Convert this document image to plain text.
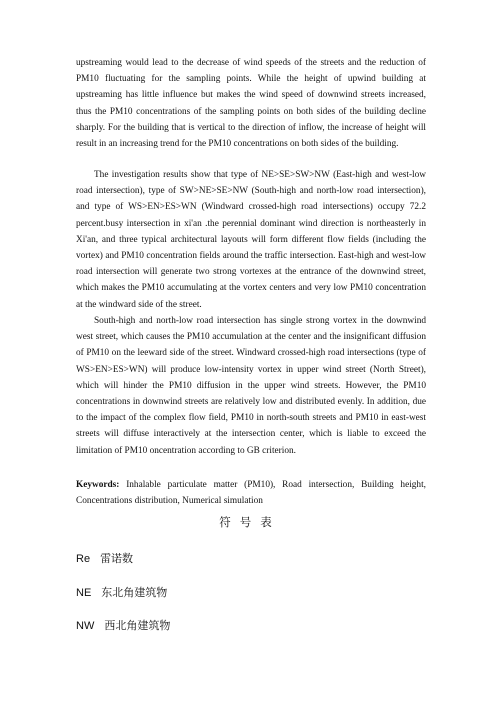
upstreaming would lead to the decrease of wind speeds of the streets and the reduction of PM10 fluctuating for the sampling points. While the height of upwind building at upstreaming has little influence but makes the wind speed of downwind streets increased, thus the PM10 concentrations of the sampling points on both sides of the building decline sharply. For the building that is vertical to the direction of inflow, the increase of height will result in an increasing trend for the PM10 concentrations on both sides of the building.

The investigation results show that type of NE>SE>SW>NW (East-high and west-low road intersection), type of SW>NE>SE>NW (South-high and north-low road intersection), and type of WS>EN>ES>WN (Windward crossed-high road intersections) occupy 72.2 percent.busy intersection in xi'an .the perennial dominant wind direction is northeasterly in Xi'an, and three typical architectural layouts will form different flow fields (including the vortex) and PM10 concentration fields around the traffic intersection. East-high and west-low road intersection will generate two strong vortexes at the entrance of the downwind street, which makes the PM10 accumulating at the vortex centers and very low PM10 concentration at the windward side of the street.

South-high and north-low road intersection has single strong vortex in the downwind west street, which causes the PM10 accumulation at the center and the insignificant diffusion of PM10 on the leeward side of the street. Windward crossed-high road intersections (type of WS>EN>ES>WN) will produce low-intensity vortex in upper wind street (North Street), which will hinder the PM10 diffusion in the upper wind streets. However, the PM10 concentrations in downwind streets are relatively low and distributed evenly. In addition, due to the impact of the complex flow field, PM10 in north-south streets and PM10 in east-west streets will diffuse interactively at the intersection center, which is liable to exceed the limitation of PM10 oncentration according to GB criterion.

Keywords: Inhalable particulate matter (PM10), Road intersection, Building height, Concentrations distribution, Numerical simulation

符号表
Re 雷诺数
NE 东北角建筑物
NW 西北角建筑物
